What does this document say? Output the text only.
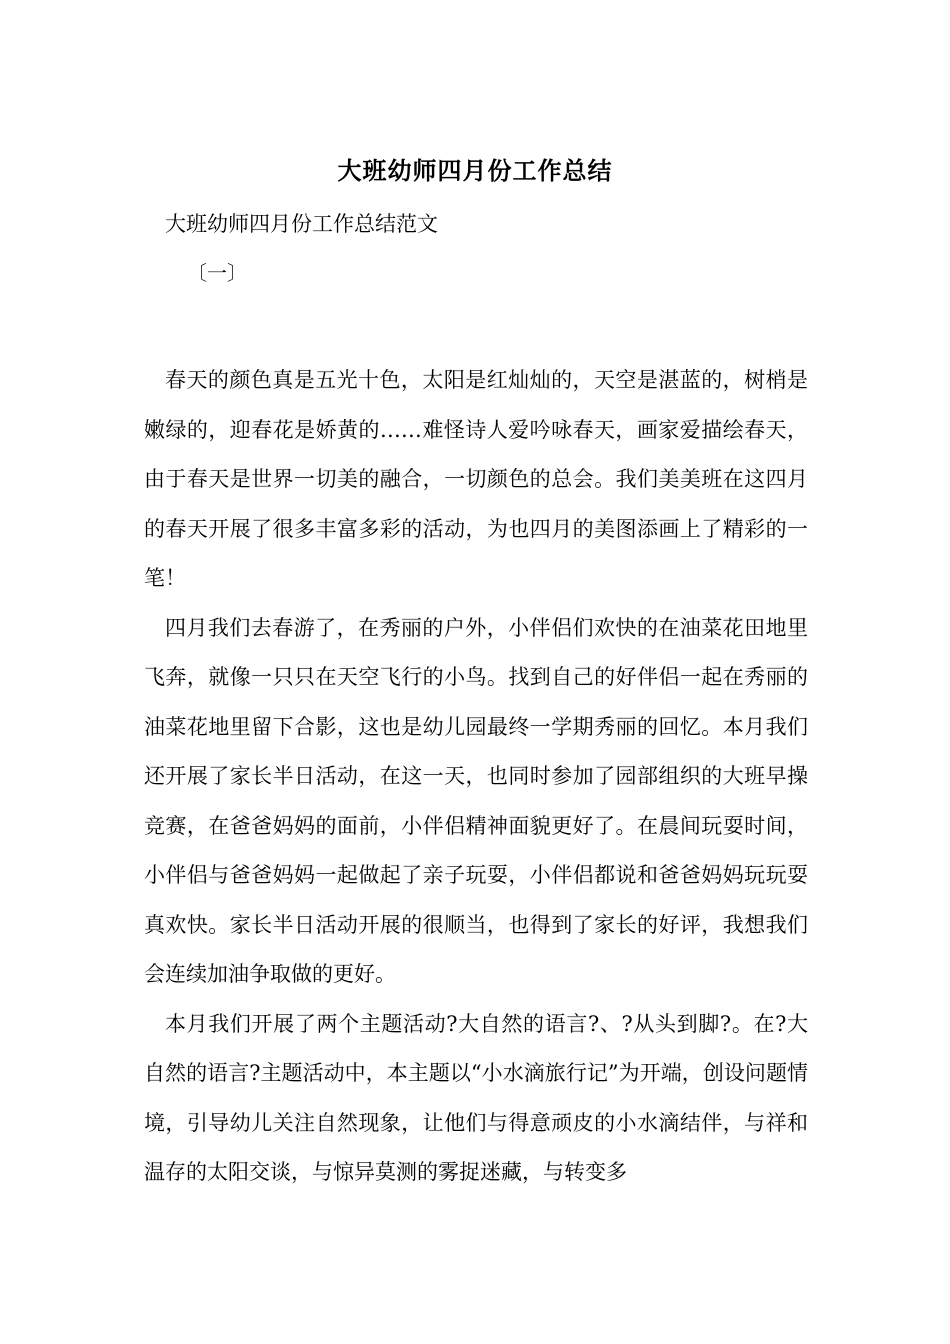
大班幼师四月份工作总结
大班幼师四月份工作总结范文
〔一〕

春天的颜色真是五光十色，太阳是红灿灿的，天空是湛蓝的，树梢是嫩绿的，迎春花是娇黄的……难怪诗人爱吟咏春天，画家爱描绘春天，由于春天是世界一切美的融合，一切颜色的总会。我们美美班在这四月的春天开展了很多丰富多彩的活动，为也四月的美图添画上了精彩的一笔！

四月我们去春游了，在秀丽的户外，小伴侣们欢快的在油菜花田地里飞奔，就像一只只在天空飞行的小鸟。找到自己的好伴侣一起在秀丽的油菜花地里留下合影，这也是幼儿园最终一学期秀丽的回忆。本月我们还开展了家长半日活动，在这一天，也同时参加了园部组织的大班早操竞赛，在爸爸妈妈的面前，小伴侣精神面貌更好了。在晨间玩耍时间，小伴侣与爸爸妈妈一起做起了亲子玩耍，小伴侣都说和爸爸妈妈玩玩耍真欢快。家长半日活动开展的很顺当，也得到了家长的好评，我想我们会连续加油争取做的更好。

本月我们开展了两个主题活动?大自然的语言?、?从头到脚?。在?大自然的语言?主题活动中，本主题以“小水滴旅行记”为开端，创设问题情境，引导幼儿关注自然现象，让他们与得意顽皮的小水滴结伴，与祥和温存的太阳交谈，与惊异莫测的雾捉迷藏，与转变多
